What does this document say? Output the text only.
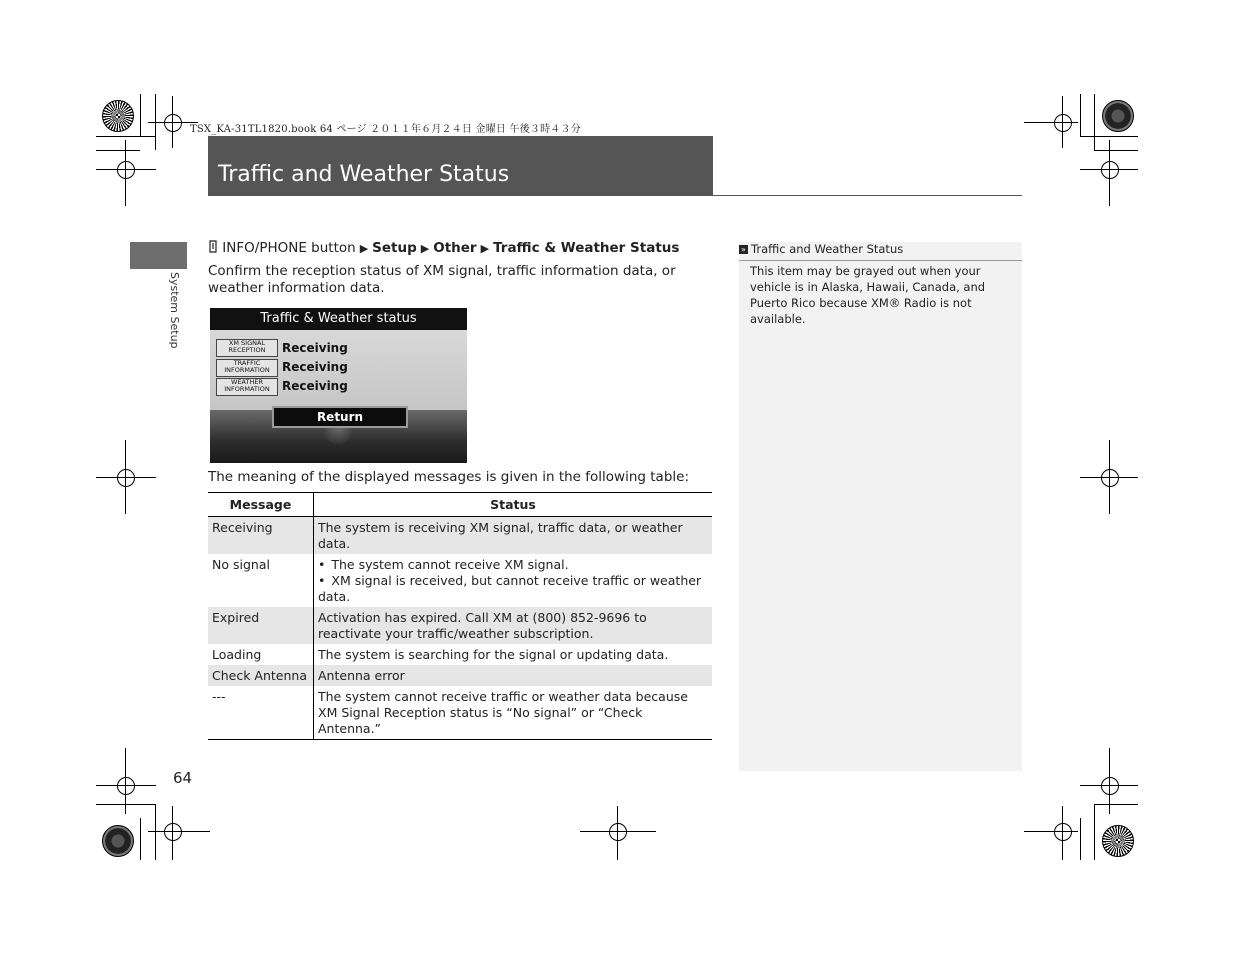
TSX_KA-31TL1820.book 64 ページ ２０１１年６月２４日 金曜日 午後３時４３分
Traffic and Weather Status
System Setup
INFO/PHONE button ▶ Setup ▶ Other ▶ Traffic & Weather Status
Confirm the reception status of XM signal, traffic information data, or weather information data.
Traffic & Weather status
XM SIGNAL
RECEPTION	Receiving
TRAFFIC
INFORMATION	Receiving
WEATHER
INFORMATION	Receiving
Return
The meaning of the displayed messages is given in the following table:
Message	Status
Receiving	The system is receiving XM signal, traffic data, or weather data.
No signal	• The system cannot receive XM signal.
• XM signal is received, but cannot receive traffic or weather data.

Expired	Activation has expired. Call XM at (800) 852-9696 to reactivate your traffic/weather subscription.
Loading	The system is searching for the signal or updating data.
Check Antenna	Antenna error
---	The system cannot receive traffic or weather data because XM Signal Reception status is “No signal” or “Check Antenna.”
» Traffic and Weather Status
This item may be grayed out when your vehicle is in Alaska, Hawaii, Canada, and Puerto Rico because XM® Radio is not available.
64
